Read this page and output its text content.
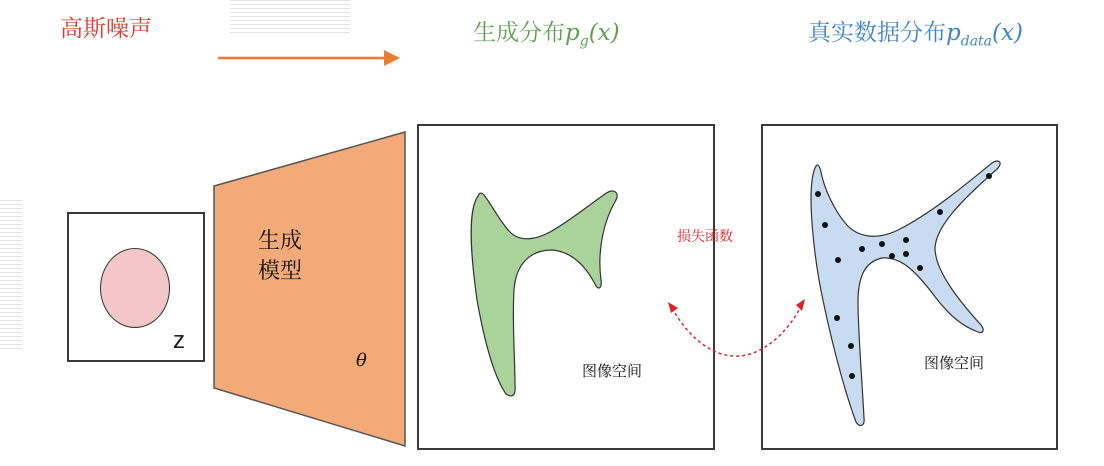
高斯噪声	生成分布$p_g(x)$	真实数据分布$p_{data}(x)$
z
生成
模型
θ	图像空间	图像空间
损失函数
